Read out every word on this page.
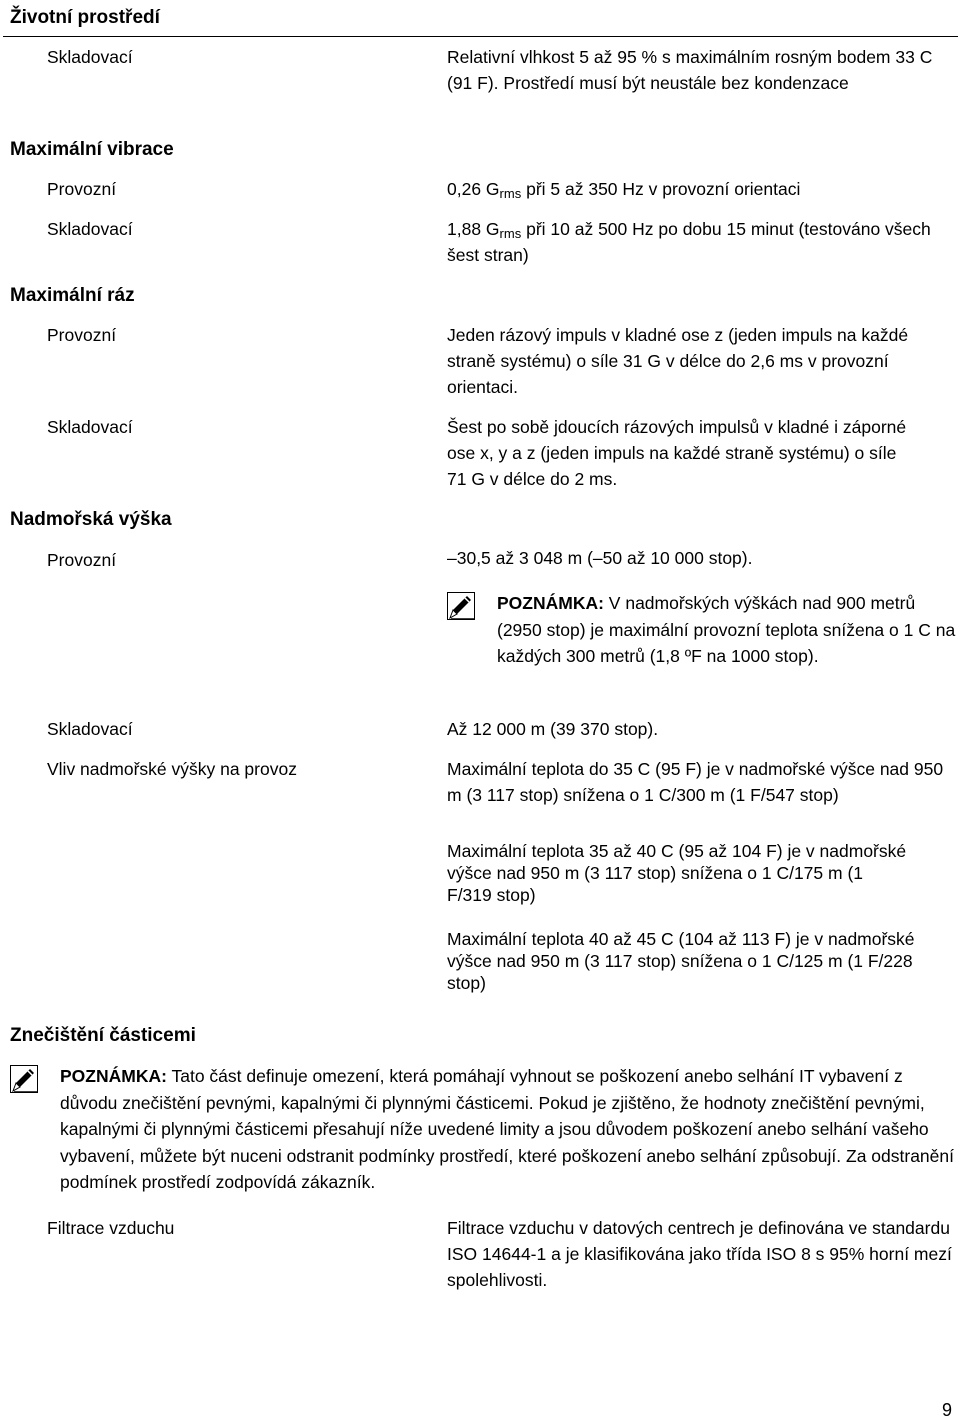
Životní prostředí
Skladovací	Relativní vlhkost 5 až 95 % s maximálním rosným bodem 33 C (91 F). Prostředí musí být neustále bez kondenzace
Maximální vibrace
Provozní	0,26 $G_{rms}$ při 5 až 350 Hz v provozní orientaci
Skladovací	1,88 $G_{rms}$ při 10 až 500 Hz po dobu 15 minut (testováno všech šest stran)
Maximální ráz
Provozní	Jeden rázový impuls v kladné ose z (jeden impuls na každé straně systému) o síle 31 G v délce do 2,6 ms v provozní orientaci.
Skladovací	Šest po sobě jdoucích rázových impulsů v kladné i záporné ose x, y a z (jeden impuls na každé straně systému) o síle 71 G v délce do 2 ms.
Nadmořská výška
Provozní	–30,5 až 3 048 m (–50 až 10 000 stop).
POZNÁMKA: V nadmořských výškách nad 900 metrů (2950 stop) je maximální provozní teplota snížena o 1 C na každých 300 metrů (1,8 ºF na 1000 stop).
Skladovací	Až 12 000 m (39 370 stop).
Vliv nadmořské výšky na provoz	Maximální teplota do 35 C (95 F) je v nadmořské výšce nad 950 m (3 117 stop) snížena o 1 C/300 m (1 F/547 stop)
Maximální teplota 35 až 40 C (95 až 104 F) je v nadmořské výšce nad 950 m (3 117 stop) snížena o 1 C/175 m (1 F/319 stop)
Maximální teplota 40 až 45 C (104 až 113 F) je v nadmořské výšce nad 950 m (3 117 stop) snížena o 1 C/125 m (1 F/228 stop)
Znečištění částicemi
POZNÁMKA: Tato část definuje omezení, která pomáhají vyhnout se poškození anebo selhání IT vybavení z důvodu znečištění pevnými, kapalnými či plynnými částicemi. Pokud je zjištěno, že hodnoty znečištění pevnými, kapalnými či plynnými částicemi přesahují níže uvedené limity a jsou důvodem poškození anebo selhání vašeho vybavení, můžete být nuceni odstranit podmínky prostředí, které poškození anebo selhání způsobují. Za odstranění podmínek prostředí zodpovídá zákazník.
Filtrace vzduchu	Filtrace vzduchu v datových centrech je definována ve standardu ISO 14644-1 a je klasifikována jako třída ISO 8 s 95% horní mezí spolehlivosti.
9
